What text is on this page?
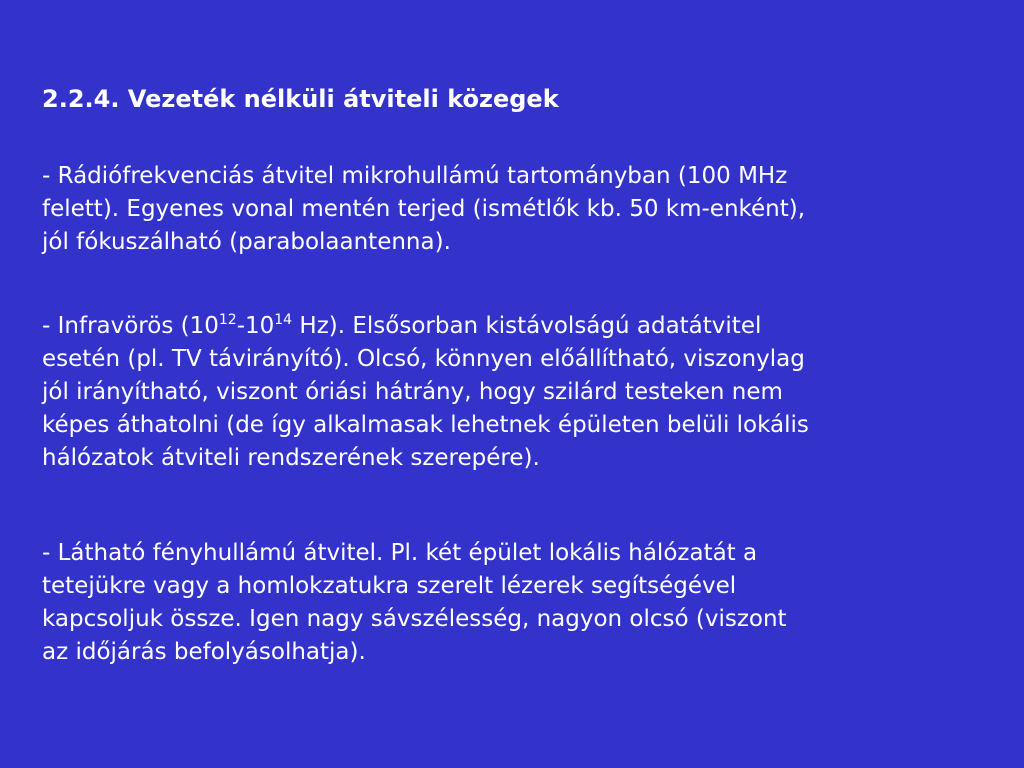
2.2.4. Vezeték nélküli átviteli közegek
- Rádiófrekvenciás átvitel mikrohullámú tartományban (100 MHz
felett). Egyenes vonal mentén terjed (ismétlők kb. 50 km-enként),
jól fókuszálható (parabolaantenna).
- Infravörös ($10^{12}-10^{14}$ Hz). Elsősorban kistávolságú adatátvitel
esetén (pl. TV távirányító). Olcsó, könnyen előállítható, viszonylag
jól irányítható, viszont óriási hátrány, hogy szilárd testeken nem
képes áthatolni (de így alkalmasak lehetnek épületen belüli lokális
hálózatok átviteli rendszerének szerepére).
- Látható fényhullámú átvitel. Pl. két épület lokális hálózatát a
tetejükre vagy a homlokzatukra szerelt lézerek segítségével
kapcsoljuk össze. Igen nagy sávszélesség, nagyon olcsó (viszont
az időjárás befolyásolhatja).
